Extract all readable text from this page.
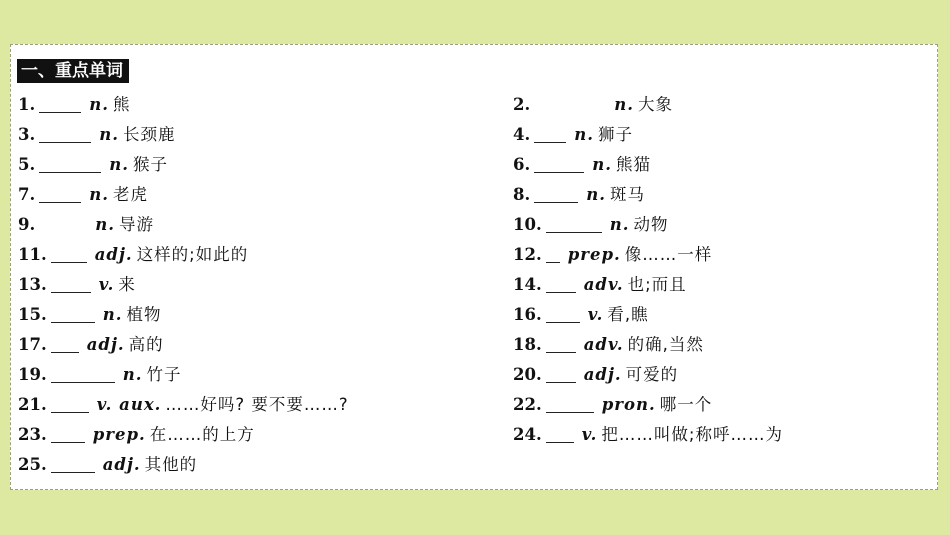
一、重点单词
1.	n. 熊
3.	n. 长颈鹿
5.	n. 猴子
7.	n. 老虎
9.	n. 导游
11.	adj. 这样的;如此的
13.	v. 来
15.	n. 植物
17. adj. 高的
19.	n. 竹子
21.	v. aux. ……好吗? 要不要……?
23.	prep. 在……的上方
25.	adj. 其他的
2.	n. 大象
4.	n. 狮子
6.	n. 熊猫
8.	n. 斑马
10.	n. 动物
12. prep. 像……一样
14.	adv. 也;而且
16.	v. 看,瞧
18.	adv. 的确,当然
20.	adj. 可爱的
22.	pron. 哪一个
24. v. 把……叫做;称呼……为
